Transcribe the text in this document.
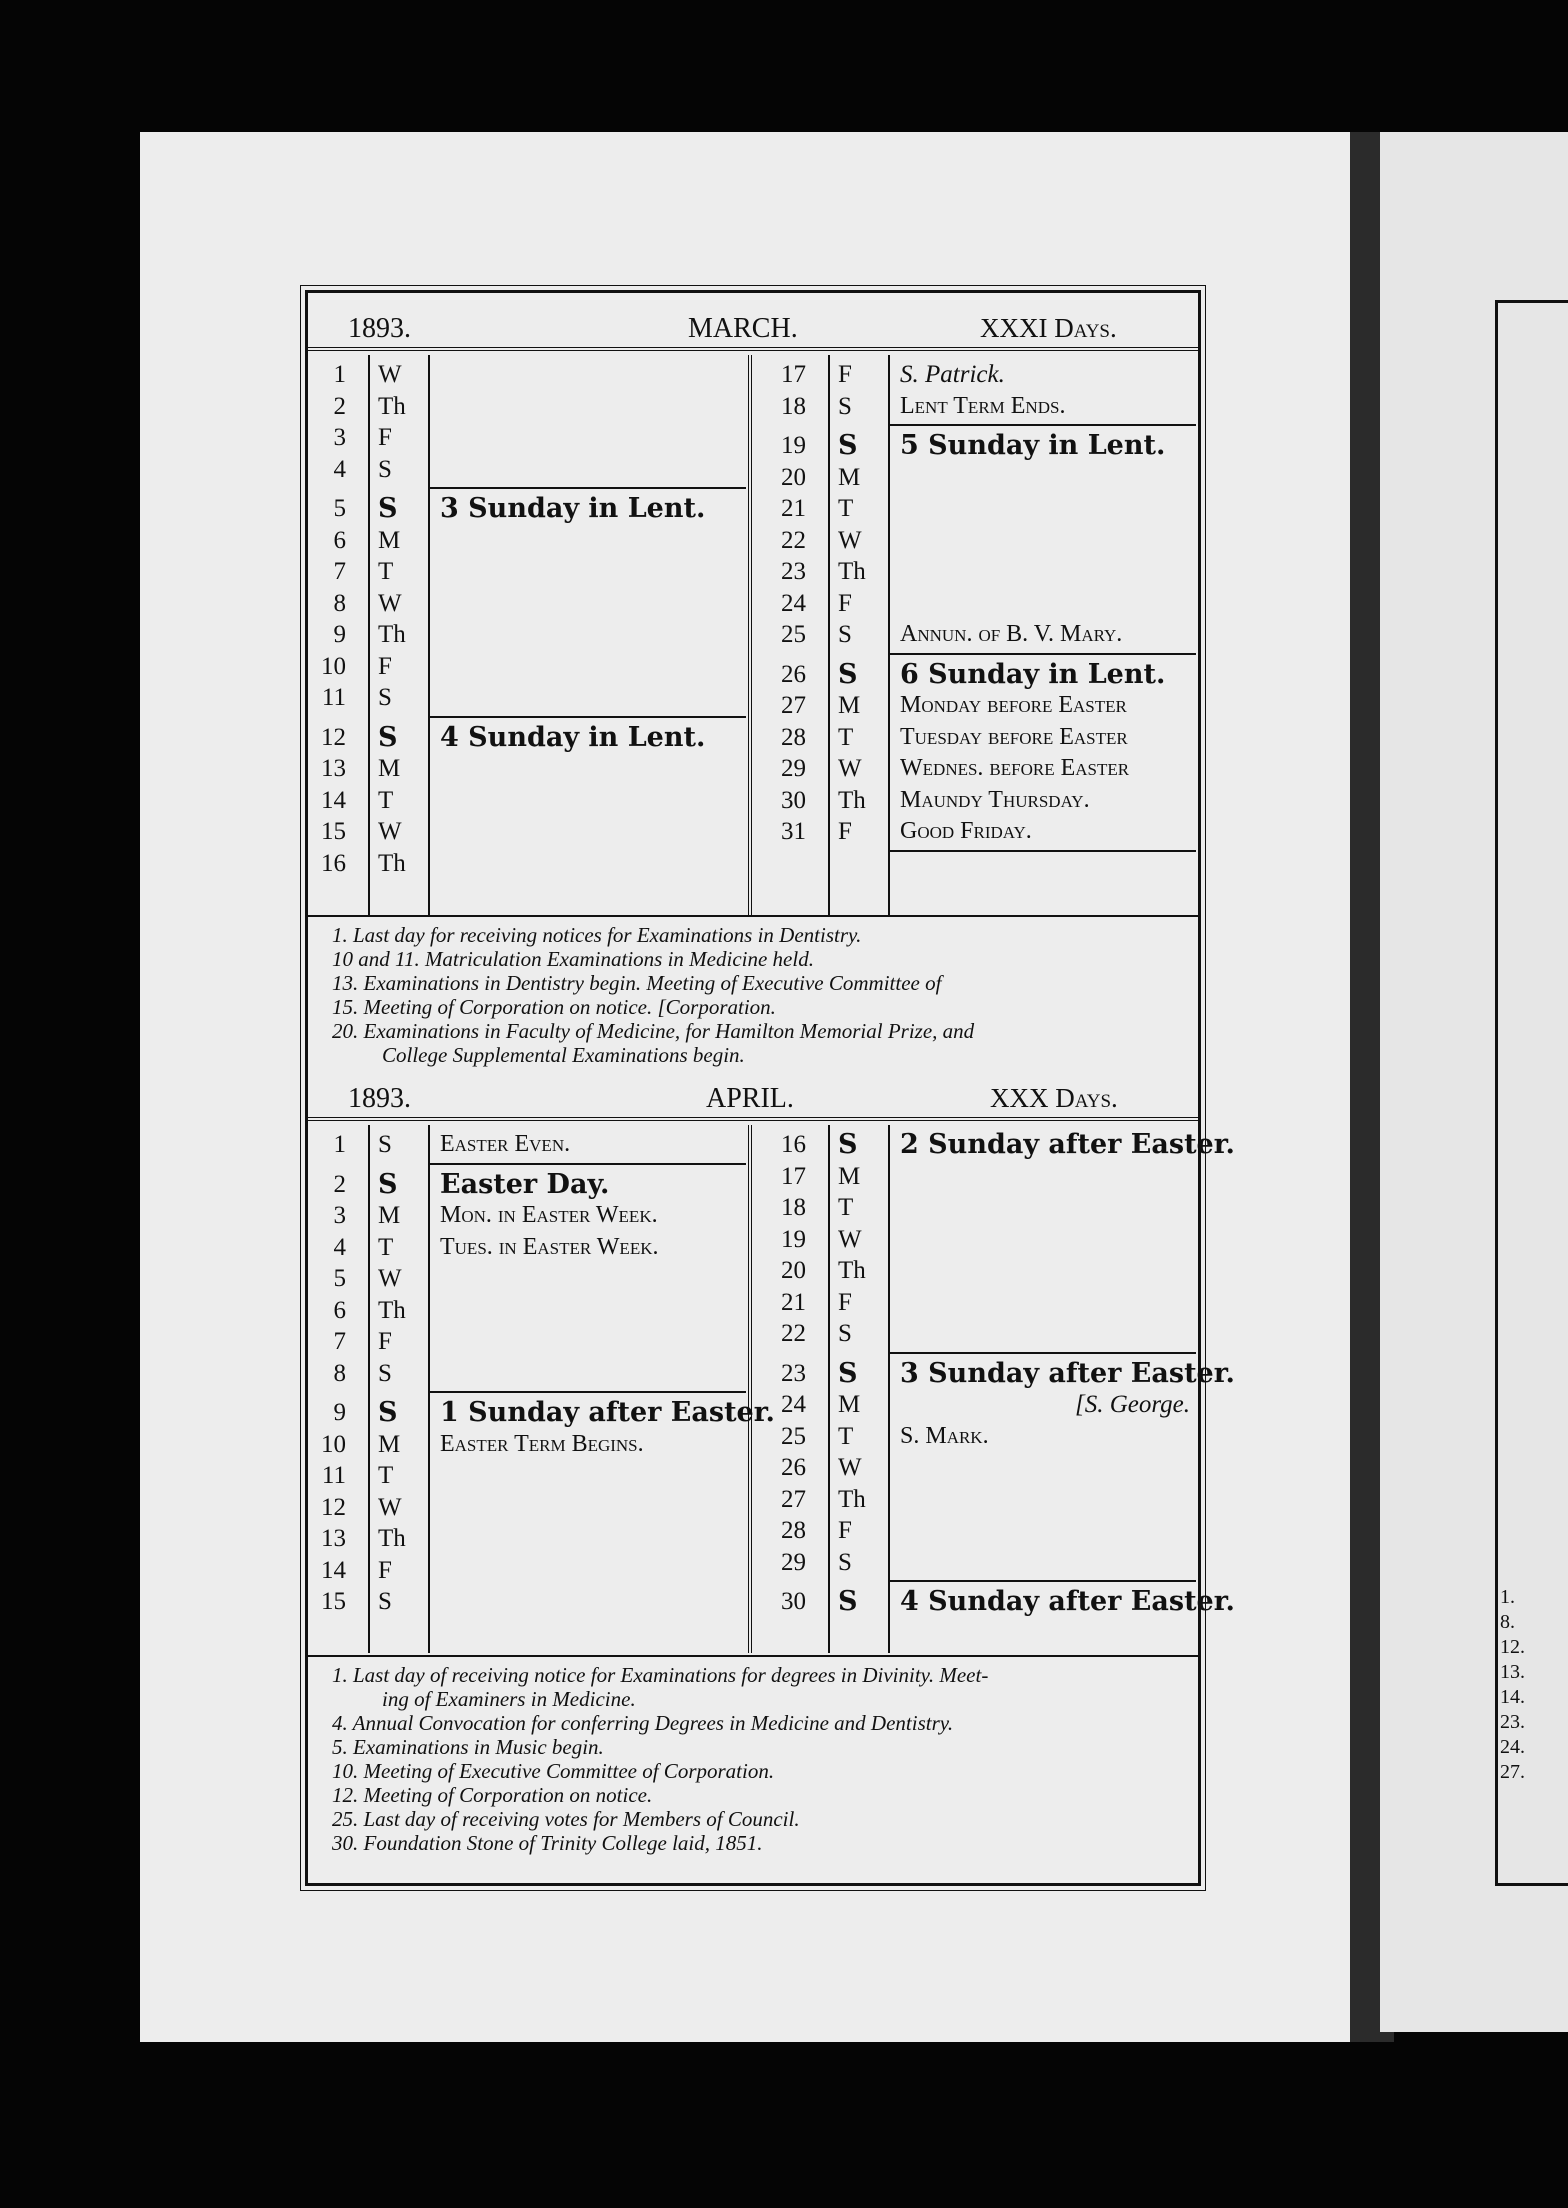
1.
8.
12.
13.
14.
23.
24.
27.
1893.	MARCH.	XXXI Days.
1 W
2 Th
3 F
4 S
5 S 3 Sunday in Lent.
6 M
7 T
8 W
9 Th
10 F
11 S
12 S 4 Sunday in Lent.
13 M
14 T
15 W
16 Th
17 F S. Patrick.
18 S Lent Term Ends.
19 S 5 Sunday in Lent.
20 M
21 T
22 W
23 Th
24 F
25 S Annun. of B. V. Mary.
26 S 6 Sunday in Lent.
27 M Monday before Easter
28 T Tuesday before Easter
29 W Wednes. before Easter
30 Th Maundy Thursday.
31 F Good Friday.
1. Last day for receiving notices for Examinations in Dentistry.
10 and 11. Matriculation Examinations in Medicine held.
13. Examinations in Dentistry begin. Meeting of Executive Committee of
15. Meeting of Corporation on notice. [Corporation.
20. Examinations in Faculty of Medicine, for Hamilton Memorial Prize, and
College Supplemental Examinations begin.
1893.	APRIL.	XXX Days.
1 S Easter Even.
2 S Easter Day.
3 M Mon. in Easter Week.
4 T Tues. in Easter Week.
5 W
6 Th
7 F
8 S
9 S 1 Sunday after Easter.
10 M Easter Term Begins.
11 T
12 W
13 Th
14 F
15 S
16 S 2 Sunday after Easter.
17 M
18 T
19 W
20 Th
21 F
22 S
23 S 3 Sunday after Easter.
24 M	[S. George.
25 T S. Mark.
26 W
27 Th
28 F
29 S
30 S 4 Sunday after Easter.
1. Last day of receiving notice for Examinations for degrees in Divinity. Meet-
ing of Examiners in Medicine.
4. Annual Convocation for conferring Degrees in Medicine and Dentistry.
5. Examinations in Music begin.
10. Meeting of Executive Committee of Corporation.
12. Meeting of Corporation on notice.
25. Last day of receiving votes for Members of Council.
30. Foundation Stone of Trinity College laid, 1851.
